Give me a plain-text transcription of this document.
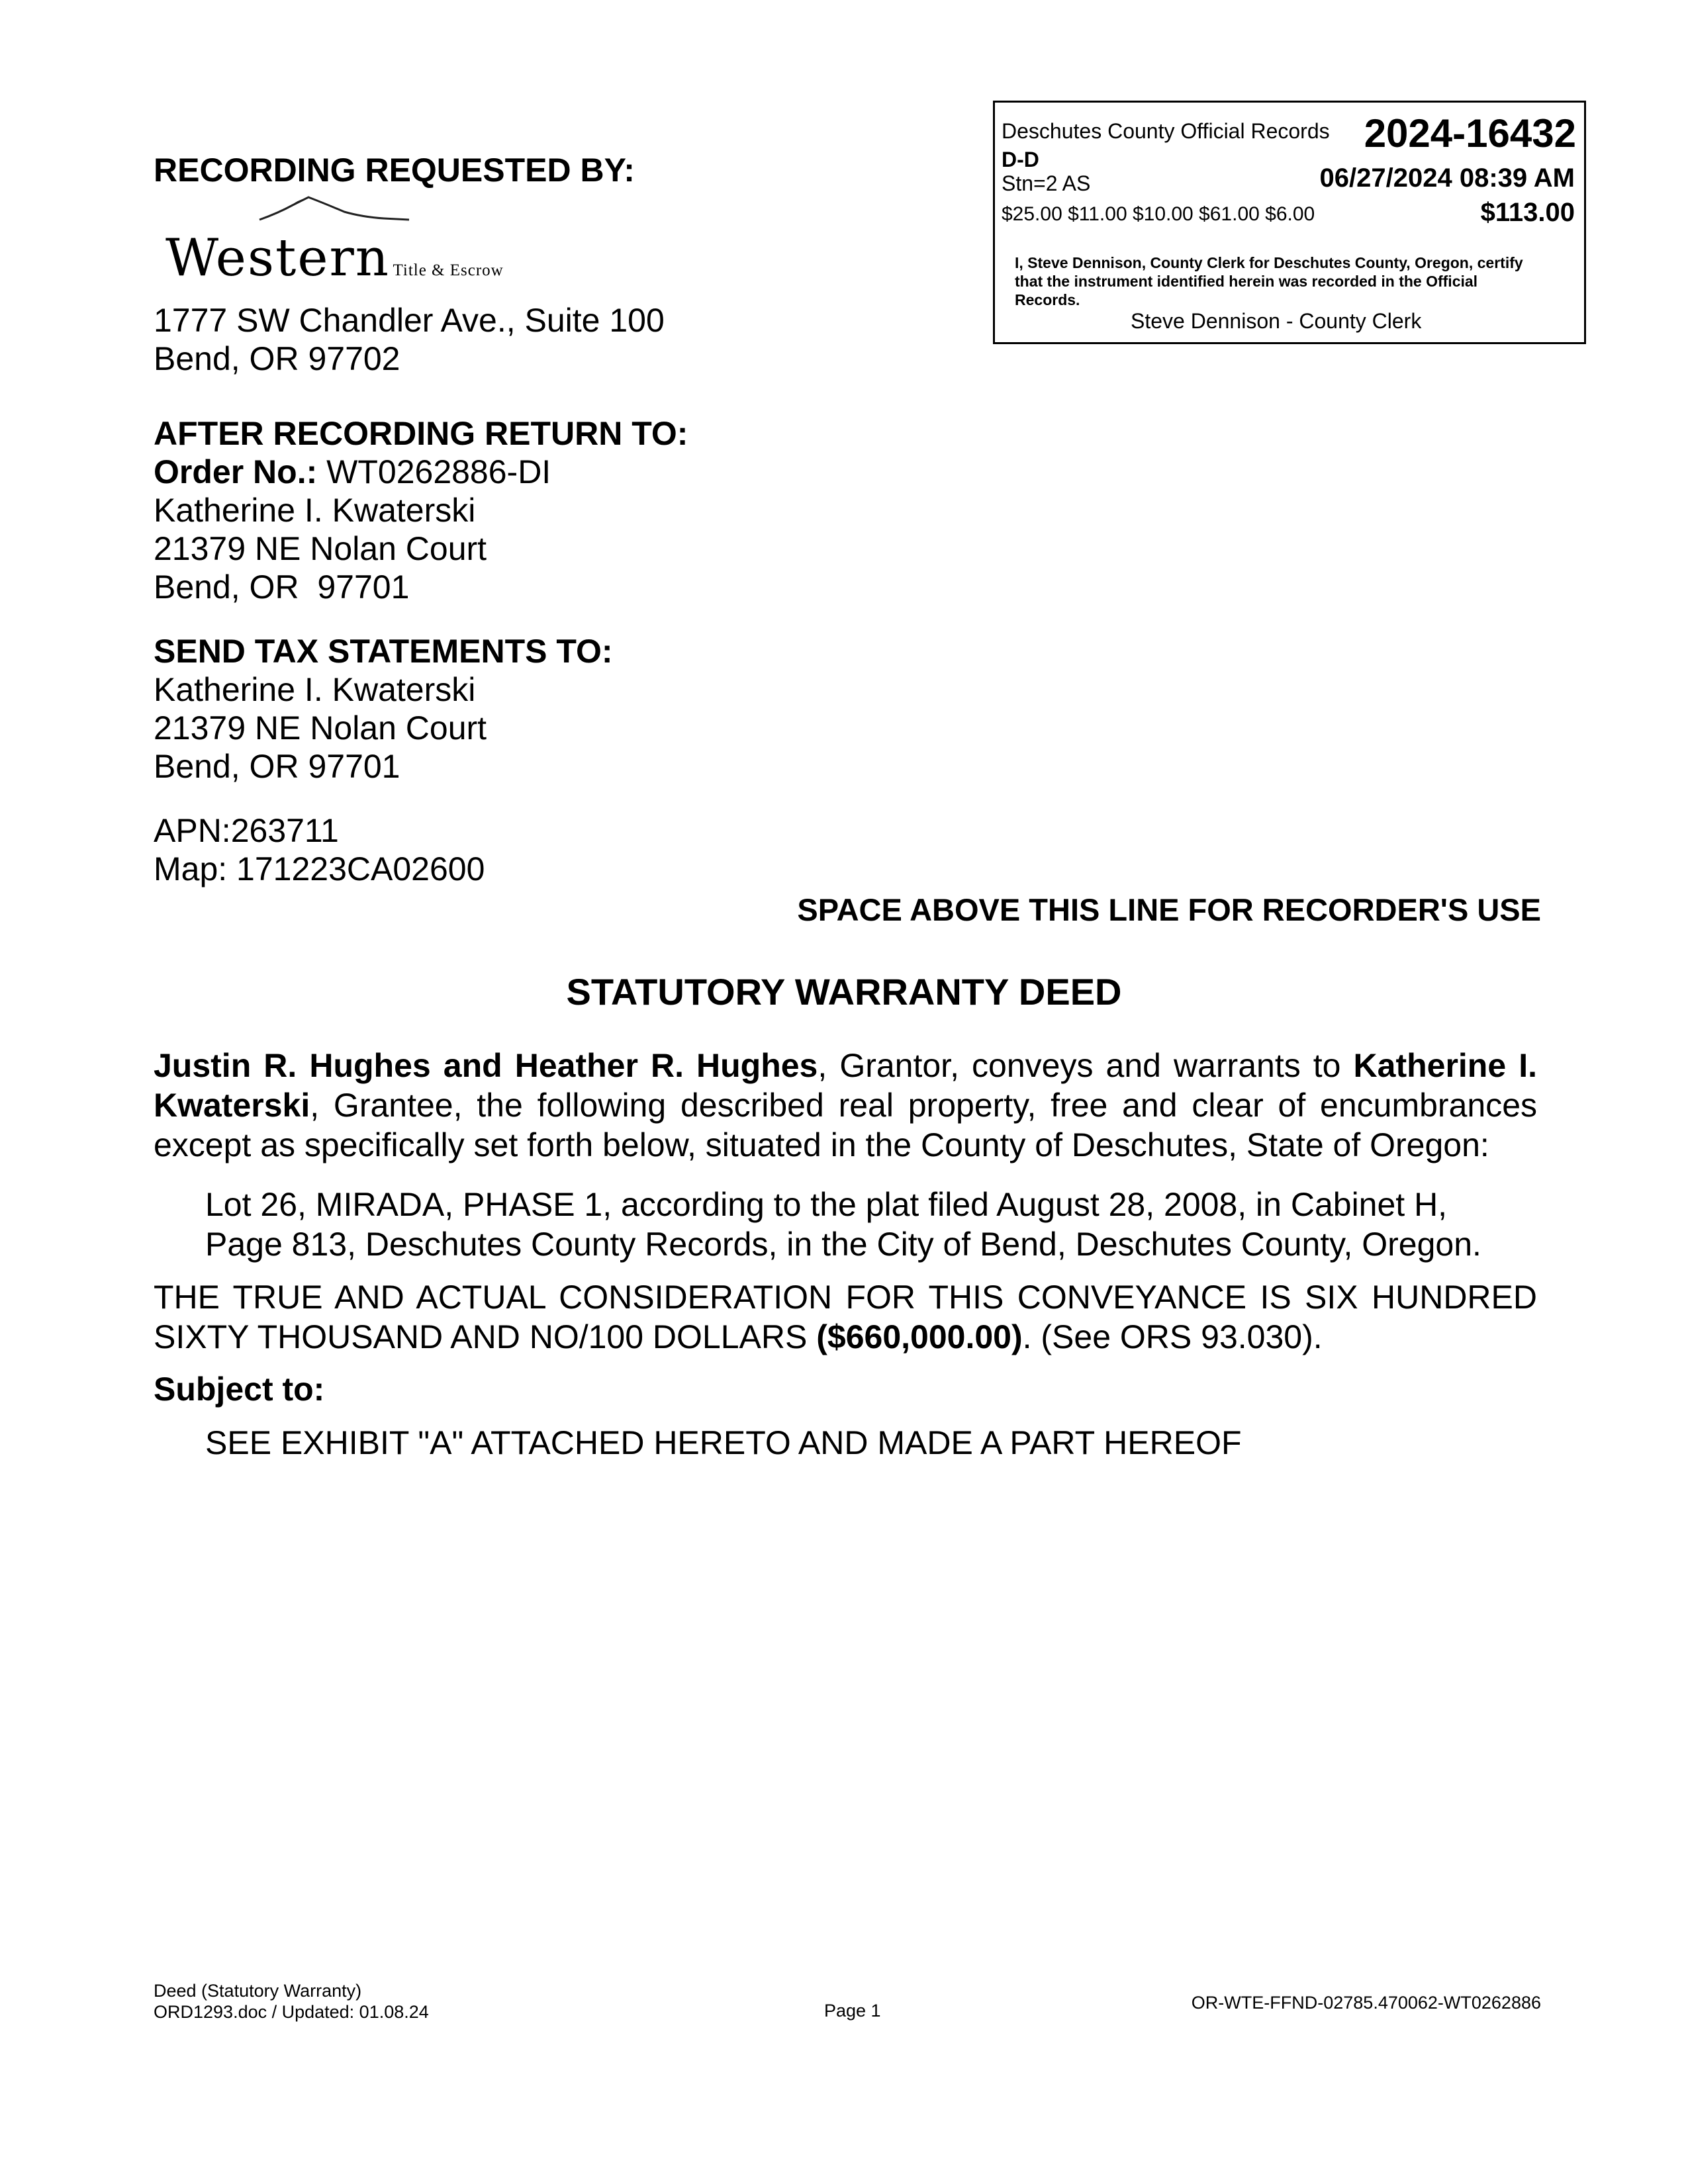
RECORDING REQUESTED BY:
Western Title & Escrow
1777 SW Chandler Ave., Suite 100
Bend, OR 97702
Deschutes County Official Records 2024-16432
D-D
Stn=2 AS	06/27/2024 08:39 AM
$25.00 $11.00 $10.00 $61.00 $6.00	$113.00
I, Steve Dennison, County Clerk for Deschutes County, Oregon, certify that the instrument identified herein was recorded in the Official Records.
Steve Dennison - County Clerk
AFTER RECORDING RETURN TO:
Order No.: WT0262886-DI
Katherine I. Kwaterski
21379 NE Nolan Court
Bend, OR  97701
SEND TAX STATEMENTS TO:
Katherine I. Kwaterski
21379 NE Nolan Court
Bend, OR 97701
APN:263711
Map: 171223CA02600
SPACE ABOVE THIS LINE FOR RECORDER'S USE
STATUTORY WARRANTY DEED
Justin R. Hughes and Heather R. Hughes, Grantor, conveys and warrants to Katherine I. Kwaterski, Grantee, the following described real property, free and clear of encumbrances except as specifically set forth below, situated in the County of Deschutes, State of Oregon:
Lot 26, MIRADA, PHASE 1, according to the plat filed August 28, 2008, in Cabinet H,
Page 813, Deschutes County Records, in the City of Bend, Deschutes County, Oregon.
THE TRUE AND ACTUAL CONSIDERATION FOR THIS CONVEYANCE IS SIX HUNDRED SIXTY THOUSAND AND NO/100 DOLLARS ($660,000.00). (See ORS 93.030).
Subject to:
SEE EXHIBIT "A" ATTACHED HERETO AND MADE A PART HEREOF
Deed (Statutory Warranty)
ORD1293.doc / Updated: 01.08.24	Page 1	OR-WTE-FFND-02785.470062-WT0262886
